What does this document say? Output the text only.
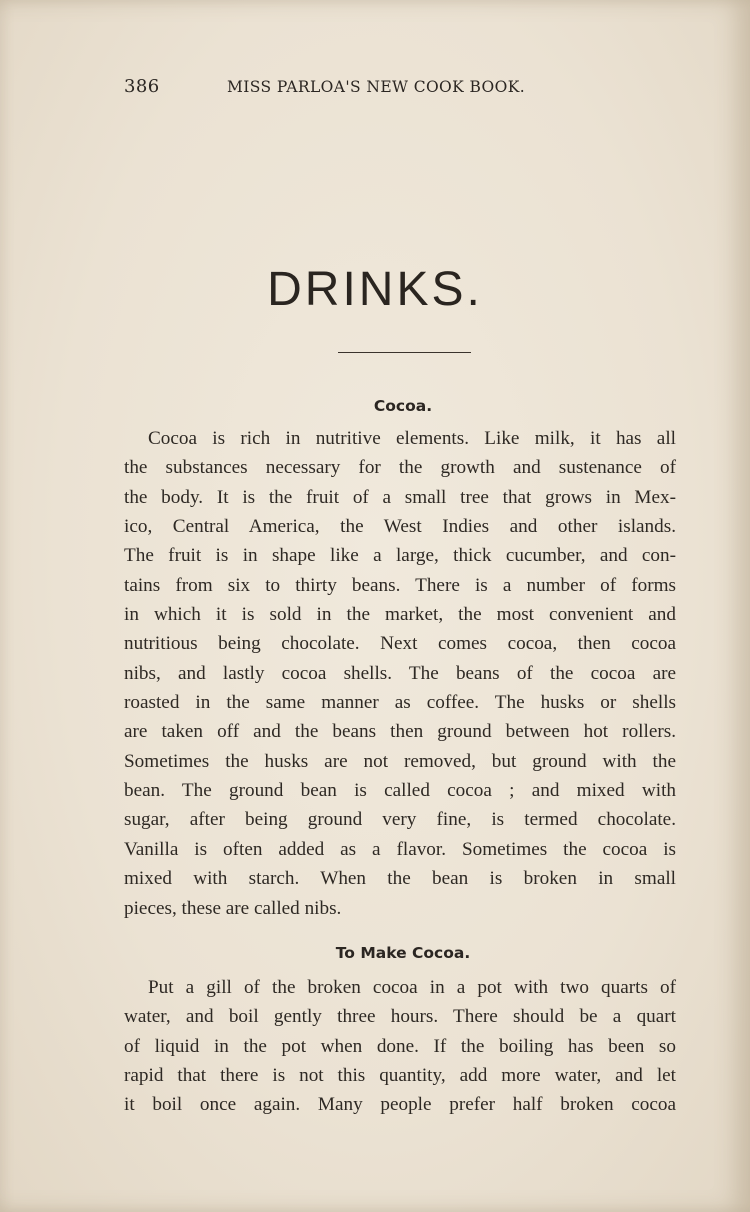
386	MISS PARLOA'S NEW COOK BOOK.
DRINKS.
Cocoa.
Cocoa is rich in nutritive elements. Like milk, it has all
the substances necessary for the growth and sustenance of
the body. It is the fruit of a small tree that grows in Mex-
ico, Central America, the West Indies and other islands.
The fruit is in shape like a large, thick cucumber, and con-
tains from six to thirty beans. There is a number of forms
in which it is sold in the market, the most convenient and
nutritious being chocolate. Next comes cocoa, then cocoa
nibs, and lastly cocoa shells. The beans of the cocoa are
roasted in the same manner as coffee. The husks or shells
are taken off and the beans then ground between hot rollers.
Sometimes the husks are not removed, but ground with the
bean. The ground bean is called cocoa ; and mixed with
sugar, after being ground very fine, is termed chocolate.
Vanilla is often added as a flavor. Sometimes the cocoa is
mixed with starch. When the bean is broken in small
pieces, these are called nibs.
To Make Cocoa.
Put a gill of the broken cocoa in a pot with two quarts of
water, and boil gently three hours. There should be a quart
of liquid in the pot when done. If the boiling has been so
rapid that there is not this quantity, add more water, and let
it boil once again. Many people prefer half broken cocoa
